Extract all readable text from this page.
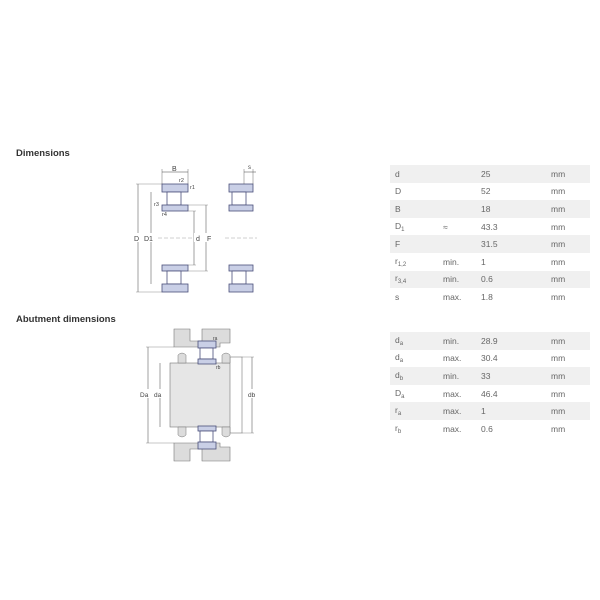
Dimensions
Abutment dimensions
B
r2
r1
r3
r4
D D1	d F
s
Da da	db
ra
rb
d		25	mm
D		52	mm
B		18	mm
$D_1$	≈	43.3	mm
F		31.5	mm
$r_{1,2}$	min.	1	mm
$r_{3,4}$	min.	0.6	mm
s	max.	1.8	mm
$d_a$	min.	28.9	mm
$d_a$	max.	30.4	mm
$d_b$	min.	33	mm
$D_a$	max.	46.4	mm
$r_a$	max.	1	mm
$r_b$	max.	0.6	mm
